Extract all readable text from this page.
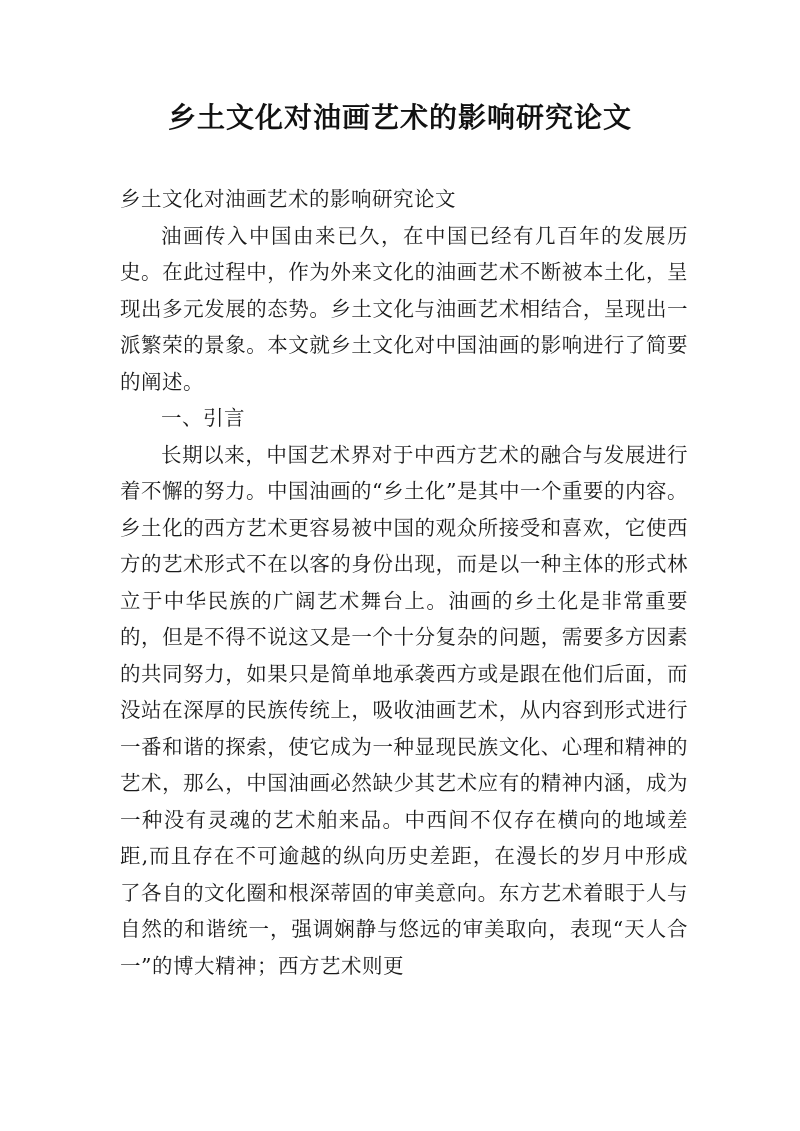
乡土文化对油画艺术的影响研究论文

乡土文化对油画艺术的影响研究论文

油画传入中国由来已久，在中国已经有几百年的发展历史。在此过程中，作为外来文化的油画艺术不断被本土化，呈现出多元发展的态势。乡土文化与油画艺术相结合，呈现出一派繁荣的景象。本文就乡土文化对中国油画的影响进行了简要的阐述。

一、引言

长期以来，中国艺术界对于中西方艺术的融合与发展进行着不懈的努力。中国油画的“乡土化”是其中一个重要的内容。乡土化的西方艺术更容易被中国的观众所接受和喜欢，它使西方的艺术形式不在以客的身份出现，而是以一种主体的形式林立于中华民族的广阔艺术舞台上。油画的乡土化是非常重要的，但是不得不说这又是一个十分复杂的问题，需要多方因素的共同努力，如果只是简单地承袭西方或是跟在他们后面，而没站在深厚的民族传统上，吸收油画艺术，从内容到形式进行一番和谐的探索，使它成为一种显现民族文化、心理和精神的艺术，那么，中国油画必然缺少其艺术应有的精神内涵，成为一种没有灵魂的艺术舶来品。中西间不仅存在横向的地域差距,而且存在不可逾越的纵向历史差距，在漫长的岁月中形成了各自的文化圈和根深蒂固的审美意向。东方艺术着眼于人与自然的和谐统一，强调娴静与悠远的审美取向，表现“天人合一”的博大精神；西方艺术则更
